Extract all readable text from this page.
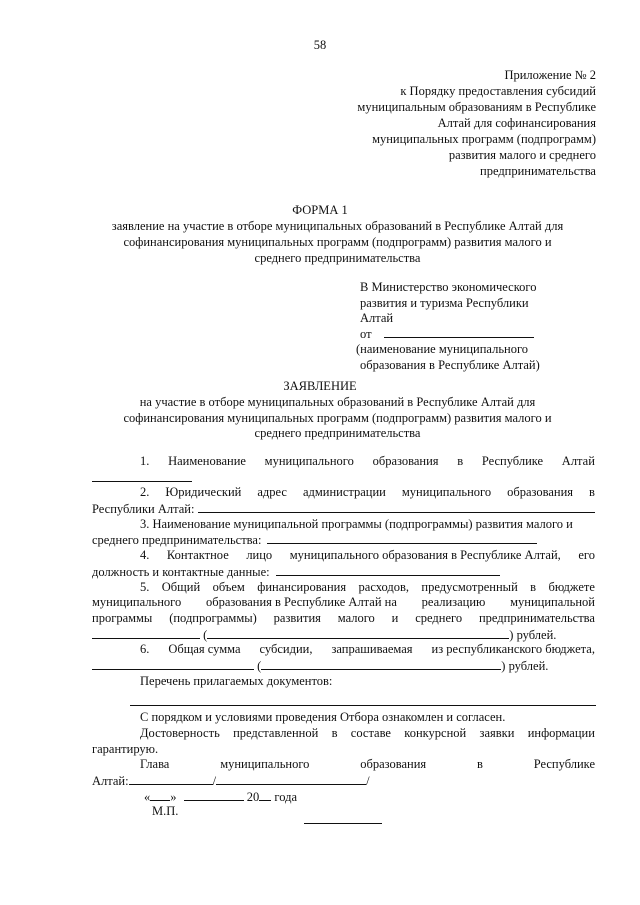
58
Приложение № 2
к Порядку предоставления субсидий
муниципальным образованиям в Республике
Алтай для софинансирования
муниципальных программ (подпрограмм)
развития малого и среднего
предпринимательства
ФОРМА 1
заявление на участие в отборе муниципальных образований в Республике Алтай для
софинансирования муниципальных программ (подпрограмм) развития малого и
среднего предпринимательства
В Министерство экономического
развития и туризма Республики
Алтай
от
(наименование муниципального
образования в Республике Алтай)
ЗАЯВЛЕНИЕ
на участие в отборе муниципальных образований в Республике Алтай для
софинансирования муниципальных программ (подпрограмм) развития малого и
среднего предпринимательства
1. Наименование муниципального образования в Республике Алтай
2. Юридический адрес администрации муниципального образования в
Республики Алтай:
3. Наименование муниципальной программы (подпрограммы) развития малого и
среднего предпринимательства:
4. Контактное лицо муниципального образования в Республике Алтай, его
должность и контактные данные:
5. Общий объем финансирования расходов, предусмотренный в бюджете
муниципального образования в Республике Алтай на реализацию муниципальной
программы (подпрограммы) развития малого и среднего предпринимательства
(	) рублей.
6. Общая сумма субсидии, запрашиваемая из республиканского бюджета,
(	) рублей.
Перечень прилагаемых документов:
С порядком и условиями проведения Отбора ознакомлен и согласен.
Достоверность представленной в составе конкурсной заявки информации
гарантирую.
Глава	муниципального	образования	в	Республике
Алтай:	/	/
« »	20 года
М.П.
